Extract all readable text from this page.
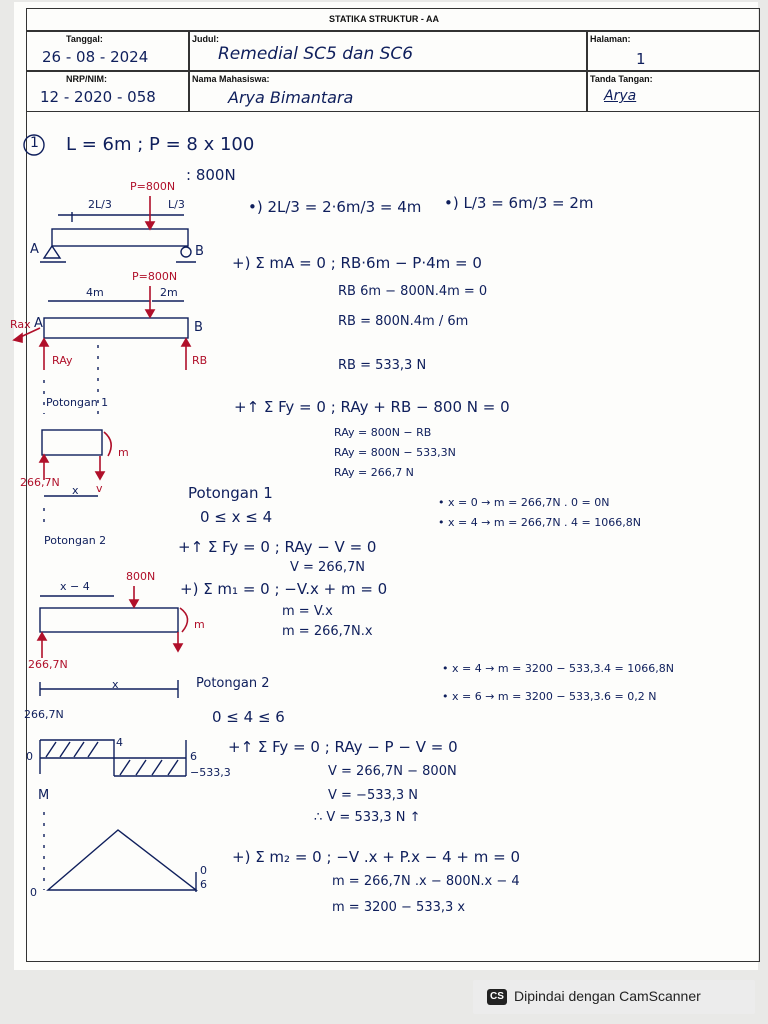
STATIKA STRUKTUR - AA
Tanggal:
26 - 08 - 2024
Judul:
Remedial SC5 dan SC6
Halaman:
1
NRP/NIM:
12 - 2020 - 058
Nama Mahasiswa:
Arya Bimantara
Tanda Tangan:
Arya
1 L = 6m ; P = 8 x 100
: 800N
2L/3	L/3	•) 2L/3 = 2·6m/3 = 4m •) L/3 = 6m/3 = 2m
P=800N
A	B
P=800N
4m	2m
A	B
Rax
RAy	RB
+) Σ mA = 0 ; RB·6m − P·4m = 0
RB 6m − 800N.4m = 0
RB = 800N.4m / 6m
RB = 533,3 N
+↑ Σ Fy = 0 ; RAy + RB − 800 N = 0
RAy = 800N − RB
RAy = 800N − 533,3N
RAy = 266,7 N
Potongan 1
m
266,7N
x v	Potongan 1
0 ≤ x ≤ 4
+↑ Σ Fy = 0 ; RAy − V = 0
V = 266,7N
+) Σ m₁ = 0 ; −V.x + m = 0
m = V.x
m = 266,7N.x
• x = 0 → m = 266,7N . 0 = 0N
• x = 4 → m = 266,7N . 4 = 1066,8N
Potongan 2
x − 4
800N
m
266,7N
x	Potongan 2
0 ≤ 4 ≤ 6
+↑ Σ Fy = 0 ; RAy − P − V = 0
V = 266,7N − 800N
V = −533,3 N
∴ V = 533,3 N ↑
+) Σ m₂ = 0 ; −V .x + P.x − 4 + m = 0
m = 266,7N .x − 800N.x − 4
m = 3200 − 533,3 x
• x = 4 → m = 3200 − 533,3.4 = 1066,8N
• x = 6 → m = 3200 − 533,3.6 = 0,2 N
266,7N
0
4
6
−533,3
M
0
0
6
CS Dipindai dengan CamScanner
